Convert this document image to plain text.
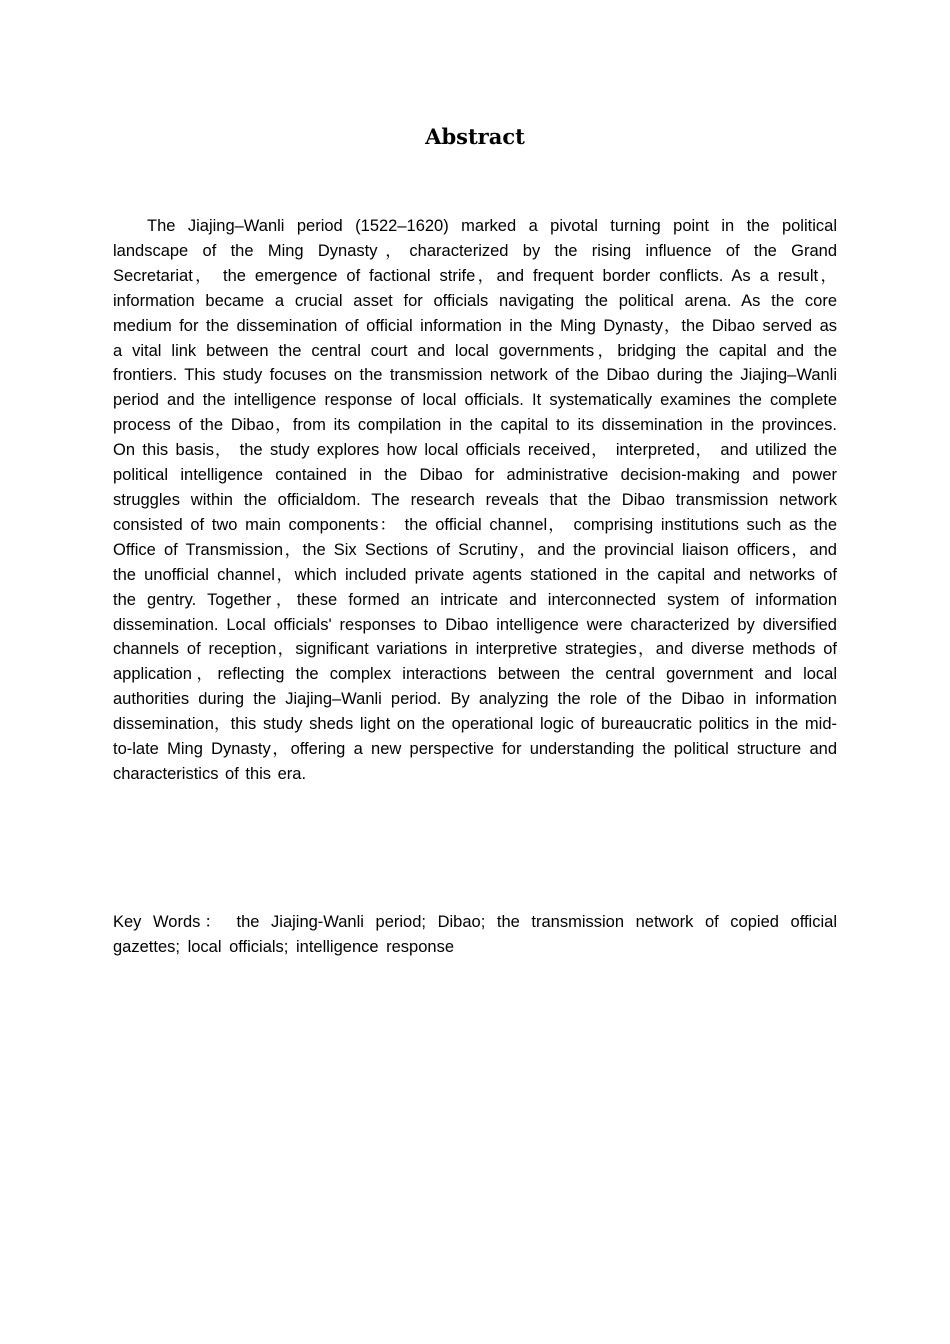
Abstract

The Jiajing–Wanli period (1522–1620) marked a pivotal turning point in the political landscape of the Ming Dynasty，characterized by the rising influence of the Grand Secretariat， the emergence of factional strife，and frequent border conflicts. As a result，information became a crucial asset for officials navigating the political arena. As the core medium for the dissemination of official information in the Ming Dynasty，the Dibao served as a vital link between the central court and local governments，bridging the capital and the frontiers. This study focuses on the transmission network of the Dibao during the Jiajing–Wanli period and the intelligence response of local officials. It systematically examines the complete process of the Dibao，from its compilation in the capital to its dissemination in the provinces. On this basis， the study explores how local officials received， interpreted， and utilized the political intelligence contained in the Dibao for administrative decision-making and power struggles within the officialdom. The research reveals that the Dibao transmission network consisted of two main components： the official channel， comprising institutions such as the Office of Transmission，the Six Sections of Scrutiny，and the provincial liaison officers，and the unofficial channel，which included private agents stationed in the capital and networks of the gentry. Together，these formed an intricate and interconnected system of information dissemination. Local officials' responses to Dibao intelligence were characterized by diversified channels of reception，significant variations in interpretive strategies，and diverse methods of application，reflecting the complex interactions between the central government and local authorities during the Jiajing–Wanli period. By analyzing the role of the Dibao in information dissemination，this study sheds light on the operational logic of bureaucratic politics in the mid-to-late Ming Dynasty，offering a new perspective for understanding the political structure and characteristics of this era.

Key Words： the Jiajing-Wanli period; Dibao; the transmission network of copied official gazettes; local officials; intelligence response
